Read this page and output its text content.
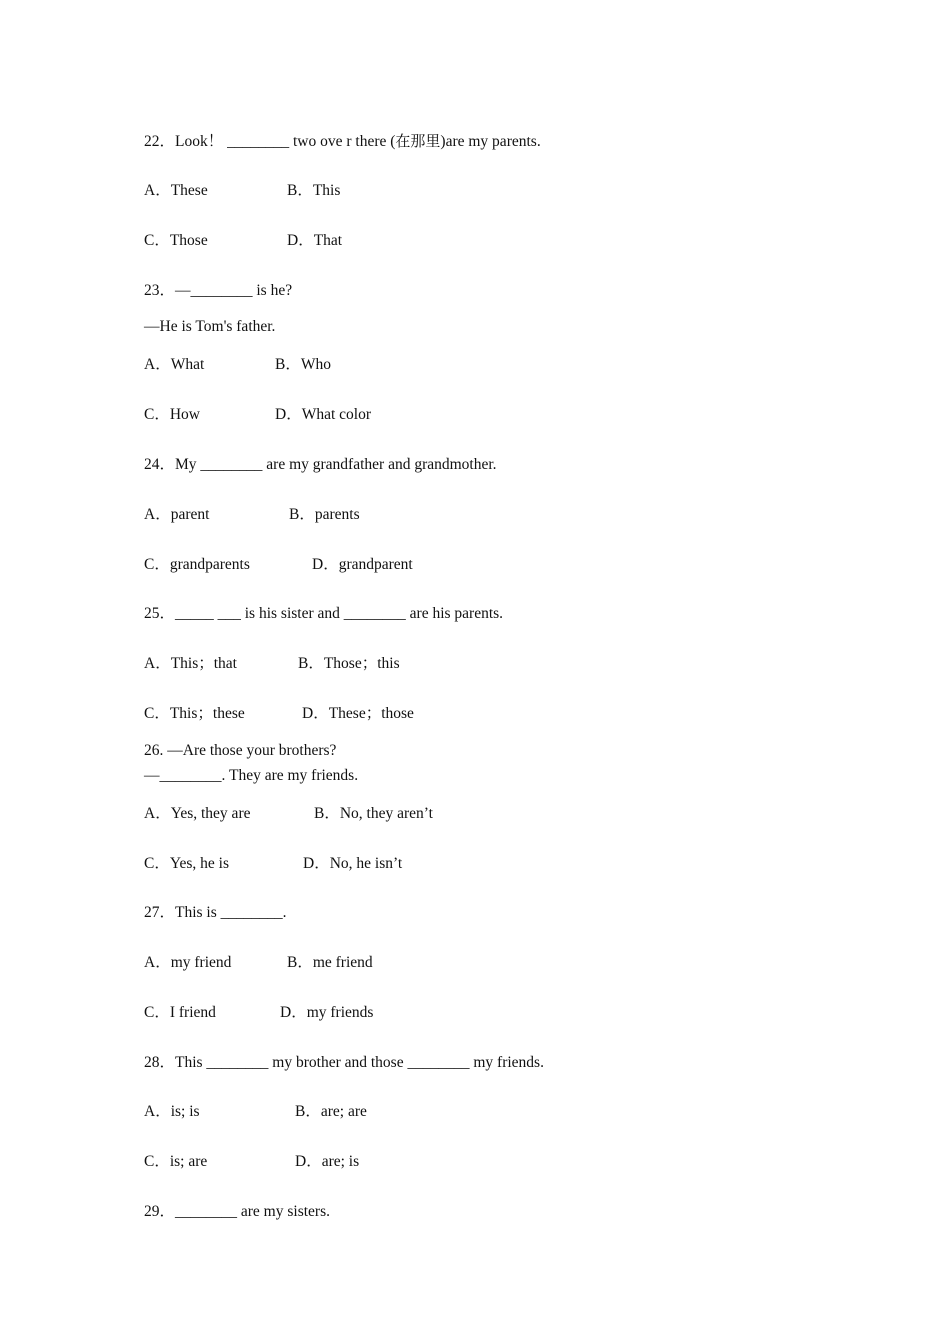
22．Look！ ________ two ove r there (在那里)are my parents.
A．These	B．This
C．Those	D．That
23．—________ is he?
—He is Tom's father.
A．What	B．Who
C．How	D．What color
24．My ________ are my grandfather and grandmother.
A．parent	B．parents
C．grandparents	D．grandparent
25．_____ ___ is his sister and ________ are his parents.
A．This；that	B．Those；this
C．This；these	D．These；those
26. —Are those your brothers?
—________. They are my friends.
A．Yes, they are	B．No, they aren’t
C．Yes, he is	D．No, he isn’t
27．This is ________.
A．my friend	B．me friend
C．I friend	D．my friends
28．This ________ my brother and those ________ my friends.
A．is; is	B．are; are
C．is; are	D．are; is
29．________ are my sisters.
